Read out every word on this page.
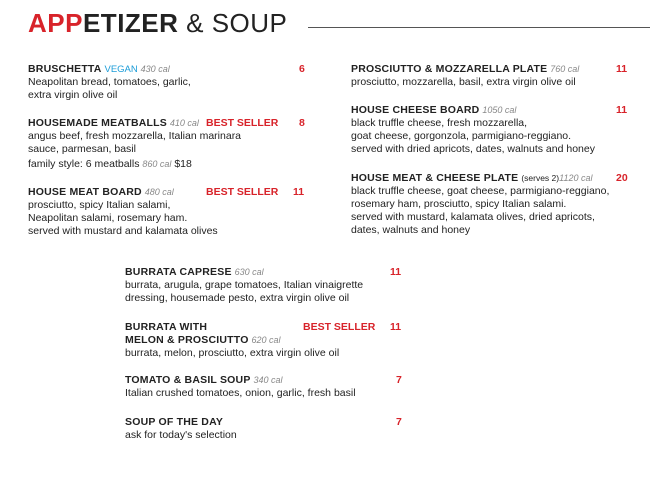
APPETIZER & SOUP
BRUSCHETTA VEGAN 430 cal	6
Neapolitan bread, tomatoes, garlic,
extra virgin olive oil
HOUSEMADE MEATBALLS 410 cal BEST SELLER 8
angus beef, fresh mozzarella, Italian marinara
sauce, parmesan, basil
family style: 6 meatballs 860 cal $18
HOUSE MEAT BOARD 480 cal	BEST SELLER 11
prosciutto, spicy Italian salami,
Neapolitan salami, rosemary ham.
served with mustard and kalamata olives
PROSCIUTTO & MOZZARELLA PLATE 760 cal	11
prosciutto, mozzarella, basil, extra virgin olive oil
HOUSE CHEESE BOARD 1050 cal	11
black truffle cheese, fresh mozzarella,
goat cheese, gorgonzola, parmigiano-reggiano.
served with dried apricots, dates, walnuts and honey
HOUSE MEAT & CHEESE PLATE (serves 2)1120 cal 20
black truffle cheese, goat cheese, parmigiano-reggiano,
rosemary ham, prosciutto, spicy Italian salami.
served with mustard, kalamata olives, dried apricots,
dates, walnuts and honey
BURRATA CAPRESE 630 cal	11
burrata, arugula, grape tomatoes, Italian vinaigrette
dressing, housemade pesto, extra virgin olive oil
BURRATA WITH	BEST SELLER 11
MELON & PROSCIUTTO 620 cal
burrata, melon, prosciutto, extra virgin olive oil
TOMATO & BASIL SOUP 340 cal	7
Italian crushed tomatoes, onion, garlic, fresh basil
SOUP OF THE DAY	7
ask for today's selection
